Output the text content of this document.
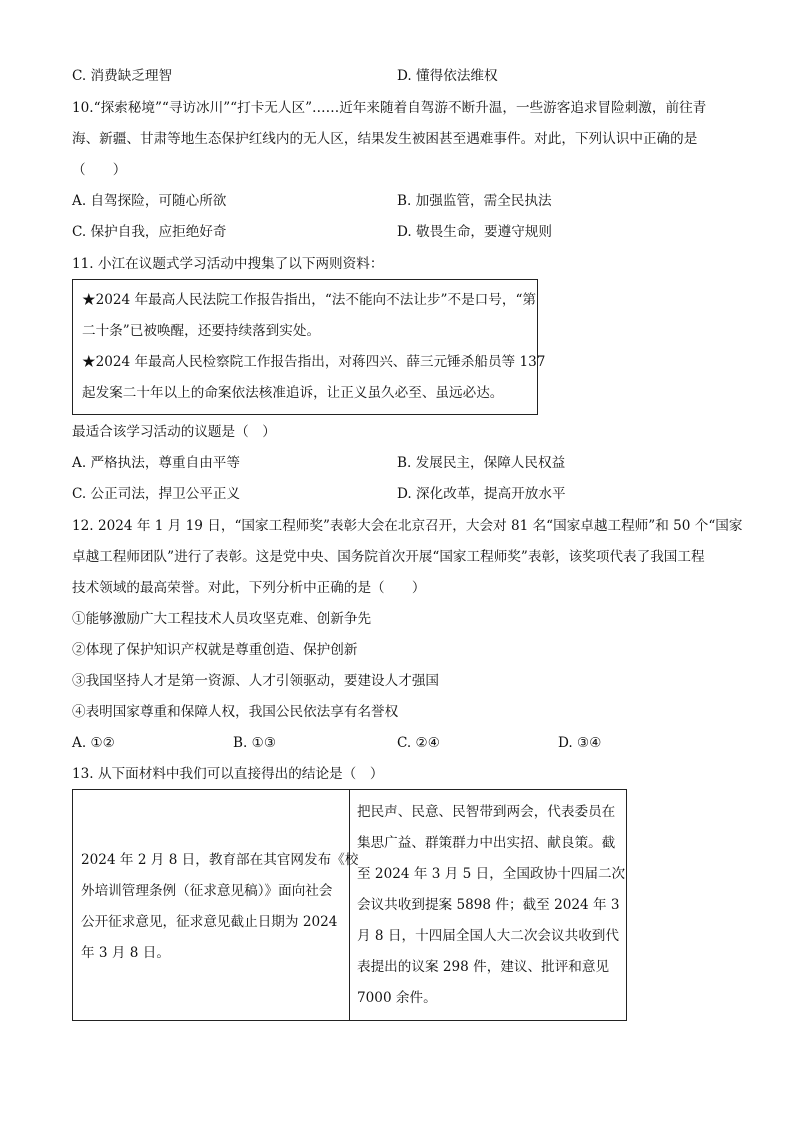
C. 消费缺乏理智	D. 懂得依法维权
10.“探索秘境”“寻访冰川”“打卡无人区”……近年来随着自驾游不断升温，一些游客追求冒险刺激，前往青
海、新疆、甘肃等地生态保护红线内的无人区，结果发生被困甚至遇难事件。对此，下列认识中正确的是
（　　）
A. 自驾探险，可随心所欲	B. 加强监管，需全民执法
C. 保护自我，应拒绝好奇	D. 敬畏生命，要遵守规则
11. 小江在议题式学习活动中搜集了以下两则资料：
★2024 年最高人民法院工作报告指出，“法不能向不法让步”不是口号，“第
二十条”已被唤醒，还要持续落到实处。
★2024 年最高人民检察院工作报告指出，对蒋四兴、薛三元锤杀船员等 137
起发案二十年以上的命案依法核准追诉，让正义虽久必至、虽远必达。
最适合该学习活动的议题是（　）
A. 严格执法，尊重自由平等	B. 发展民主，保障人民权益
C. 公正司法，捍卫公平正义	D. 深化改革，提高开放水平
12. 2024 年 1 月 19 日，“国家工程师奖”表彰大会在北京召开，大会对 81 名“国家卓越工程师”和 50 个“国家
卓越工程师团队”进行了表彰。这是党中央、国务院首次开展“国家工程师奖”表彰，该奖项代表了我国工程
技术领域的最高荣誉。对此，下列分析中正确的是（　　）
①能够激励广大工程技术人员攻坚克难、创新争先
②体现了保护知识产权就是尊重创造、保护创新
③我国坚持人才是第一资源、人才引领驱动，要建设人才强国
④表明国家尊重和保障人权，我国公民依法享有名誉权
A. ①②	B. ①③	C. ②④	D. ③④
13. 从下面材料中我们可以直接得出的结论是（　）
2024 年 2 月 8 日，教育部在其官网发布《校
外培训管理条例（征求意见稿）》面向社会
公开征求意见，征求意见截止日期为 2024
年 3 月 8 日。
把民声、民意、民智带到两会，代表委员在
集思广益、群策群力中出实招、献良策。截
至 2024 年 3 月 5 日，全国政协十四届二次
会议共收到提案 5898 件；截至 2024 年 3
月 8 日，十四届全国人大二次会议共收到代
表提出的议案 298 件，建议、批评和意见
7000 余件。
